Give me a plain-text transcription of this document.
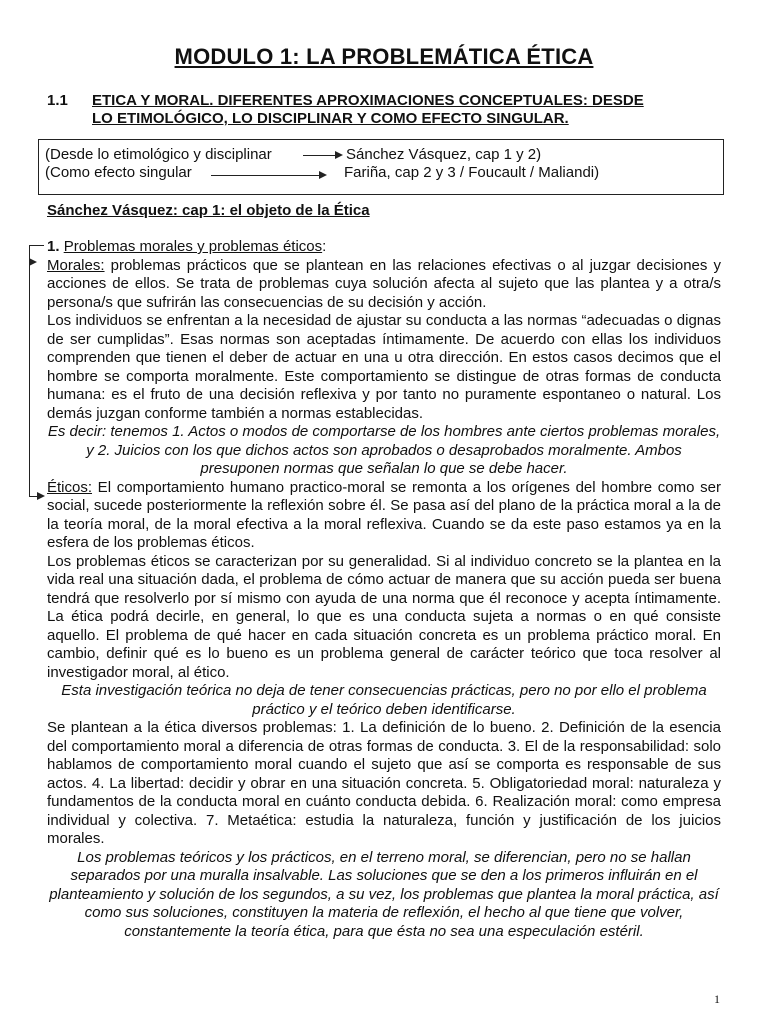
MODULO 1: LA PROBLEMÁTICA ÉTICA
1.1 ETICA Y MORAL. DIFERENTES APROXIMACIONES CONCEPTUALES: DESDE
LO ETIMOLÓGICO, LO DISCIPLINAR Y COMO EFECTO SINGULAR.
(Desde lo etimológico y disciplinar	Sánchez Vásquez, cap 1 y 2)
(Como efecto singular	Fariña, cap 2 y 3 / Foucault / Maliandi)
Sánchez Vásquez: cap 1: el objeto de la Ética

1. Problemas morales y problemas éticos:

Morales: problemas prácticos que se plantean en las relaciones efectivas o al juzgar decisiones y acciones de ellos. Se trata de problemas cuya solución afecta al sujeto que las plantea y a otra/s persona/s que sufrirán las consecuencias de su decisión y acción.

Los individuos se enfrentan a la necesidad de ajustar su conducta a las normas “adecuadas o dignas de ser cumplidas”. Esas normas son aceptadas íntimamente. De acuerdo con ellas los individuos comprenden que tienen el deber de actuar en una u otra dirección. En estos casos decimos que el hombre se comporta moralmente. Este comportamiento se distingue de otras formas de conducta humana: es el fruto de una decisión reflexiva y por tanto no puramente espontaneo o natural. Los demás juzgan conforme también a normas establecidas.

Es decir: tenemos 1. Actos o modos de comportarse de los hombres ante ciertos problemas morales, y 2. Juicios con los que dichos actos son aprobados o desaprobados moralmente. Ambos presuponen normas que señalan lo que se debe hacer.

Éticos: El comportamiento humano practico-moral se remonta a los orígenes del hombre como ser social, sucede posteriormente la reflexión sobre él. Se pasa así del plano de la práctica moral a la de la teoría moral, de la moral efectiva a la moral reflexiva. Cuando se da este paso estamos ya en la esfera de los problemas éticos.

Los problemas éticos se caracterizan por su generalidad. Si al individuo concreto se la plantea en la vida real una situación dada, el problema de cómo actuar de manera que su acción pueda ser buena tendrá que resolverlo por sí mismo con ayuda de una norma que él reconoce y acepta íntimamente. La ética podrá decirle, en general, lo que es una conducta sujeta a normas o en qué consiste aquello. El problema de qué hacer en cada situación concreta es un problema práctico moral. En cambio, definir qué es lo bueno es un problema general de carácter teórico que toca resolver al investigador moral, al ético.

Esta investigación teórica no deja de tener consecuencias prácticas, pero no por ello el problema práctico y el teórico deben identificarse.

Se plantean a la ética diversos problemas: 1. La definición de lo bueno. 2. Definición de la esencia del comportamiento moral a diferencia de otras formas de conducta. 3. El de la responsabilidad: solo hablamos de comportamiento moral cuando el sujeto que así se comporta es responsable de sus actos. 4. La libertad: decidir y obrar en una situación concreta. 5. Obligatoriedad moral: naturaleza y fundamentos de la conducta moral en cuánto conducta debida. 6. Realización moral: como empresa individual y colectiva. 7. Metaética: estudia la naturaleza, función y justificación de los juicios morales.

Los problemas teóricos y los prácticos, en el terreno moral, se diferencian, pero no se hallan separados por una muralla insalvable. Las soluciones que se den a los primeros influirán en el planteamiento y solución de los segundos, a su vez, los problemas que plantea la moral práctica, así como sus soluciones, constituyen la materia de reflexión, el hecho al que tiene que volver, constantemente la teoría ética, para que ésta no sea una especulación estéril.

1
